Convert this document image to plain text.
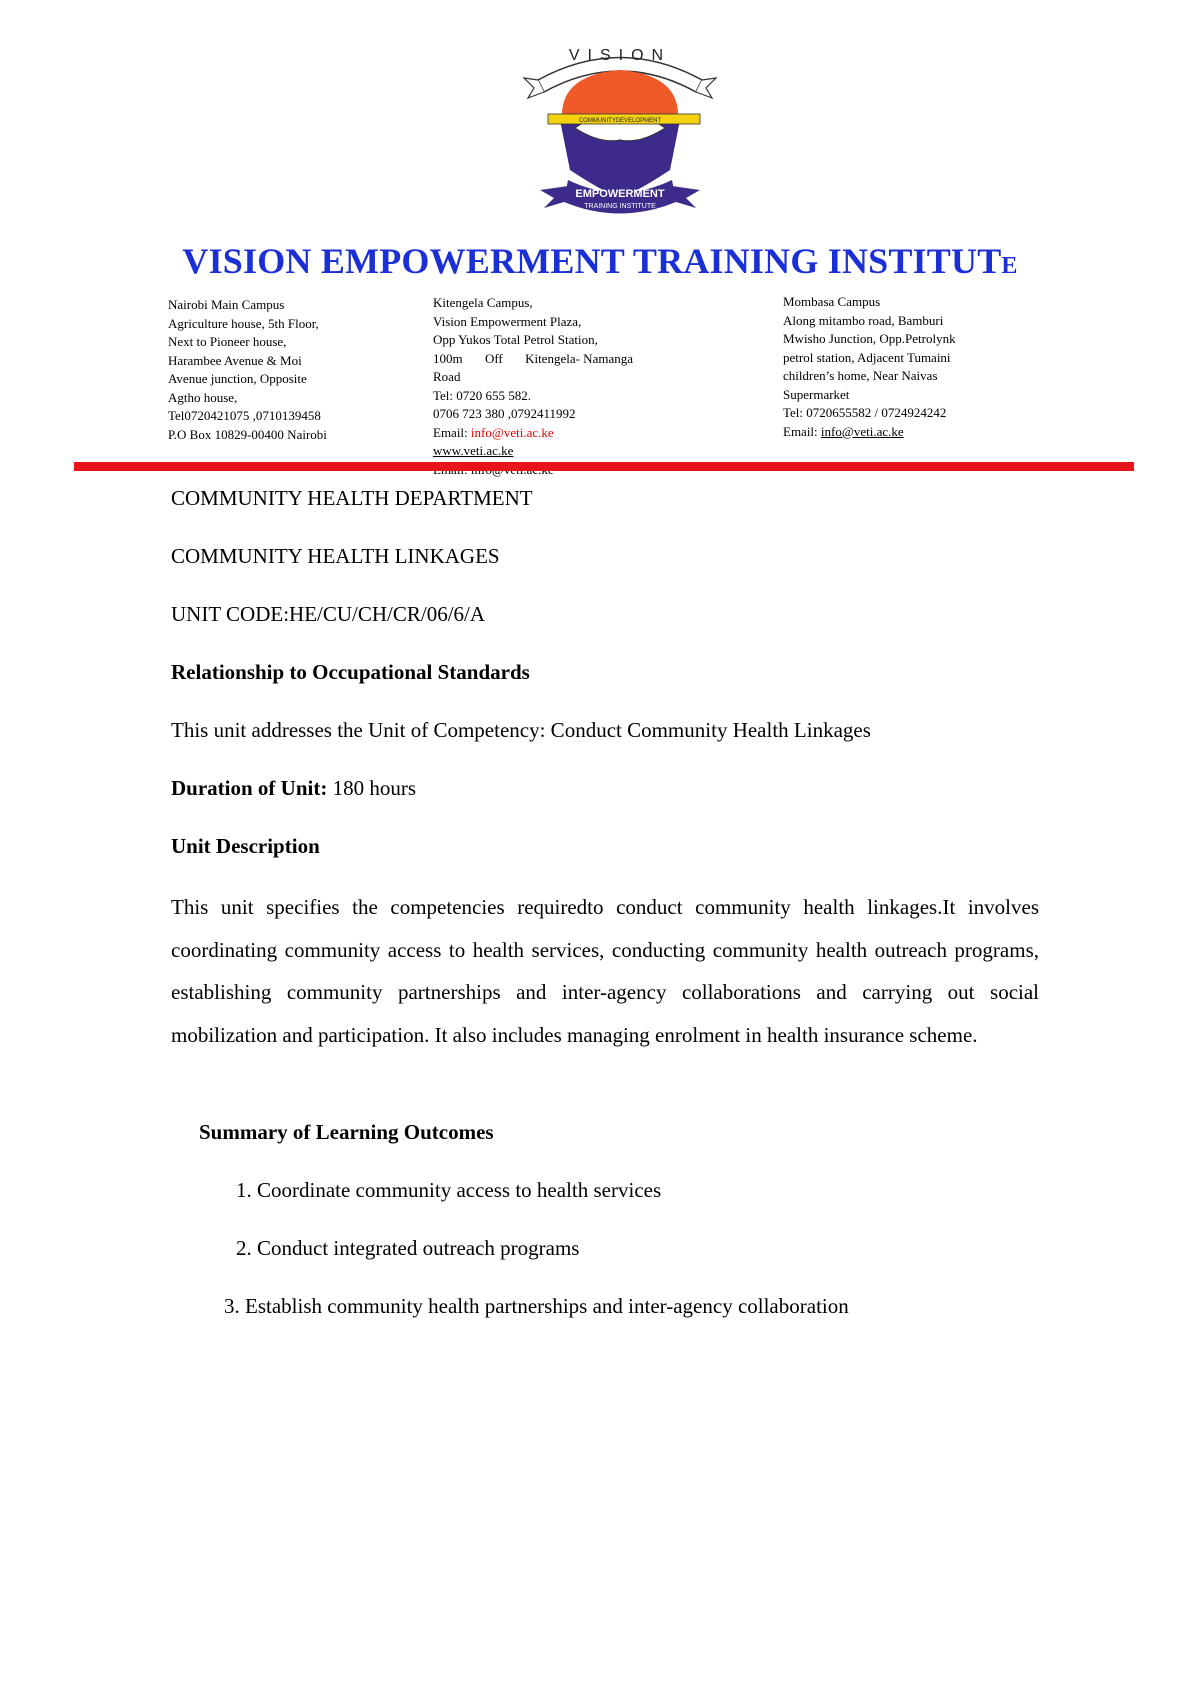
VISION
COMMUNITYDEVELOPMENT
EMPOWERMENT
TRAINING INSTITUTE
VISION EMPOWERMENT TRAINING INSTITUTE
Nairobi Main Campus
Agriculture house, 5th Floor,
Next to Pioneer house,
Harambee Avenue & Moi
Avenue junction, Opposite
Agtho house,
Tel0720421075 ,0710139458
P.O Box 10829-00400 Nairobi
Kitengela Campus,
Vision Empowerment Plaza,
Opp Yukos Total Petrol Station,
100m Off Kitengela- Namanga
Road
Tel: 0720 655 582.
0706 723 380 ,0792411992
Email: info@veti.ac.ke
www.veti.ac.ke
Mombasa Campus
Along mitambo road, Bamburi
Mwisho Junction, Opp.Petrolynk
petrol station, Adjacent Tumaini
children’s home, Near Naivas
Supermarket
Tel: 0720655582 / 0724924242
Email: info@veti.ac.ke
COMMUNITY HEALTH DEPARTMENT
COMMUNITY HEALTH LINKAGES
UNIT CODE:HE/CU/CH/CR/06/6/A
Relationship to Occupational Standards
This unit addresses the Unit of Competency: Conduct Community Health Linkages
Duration of Unit: 180 hours
Unit Description
This unit specifies the competencies requiredto conduct community health linkages.It involves coordinating community access to health services, conducting community health outreach programs, establishing community partnerships and inter-agency collaborations and carrying out social mobilization and participation. It also includes managing enrolment in health insurance scheme.
Summary of Learning Outcomes
1. Coordinate community access to health services
2. Conduct integrated outreach programs
3. Establish community health partnerships and inter-agency collaboration
